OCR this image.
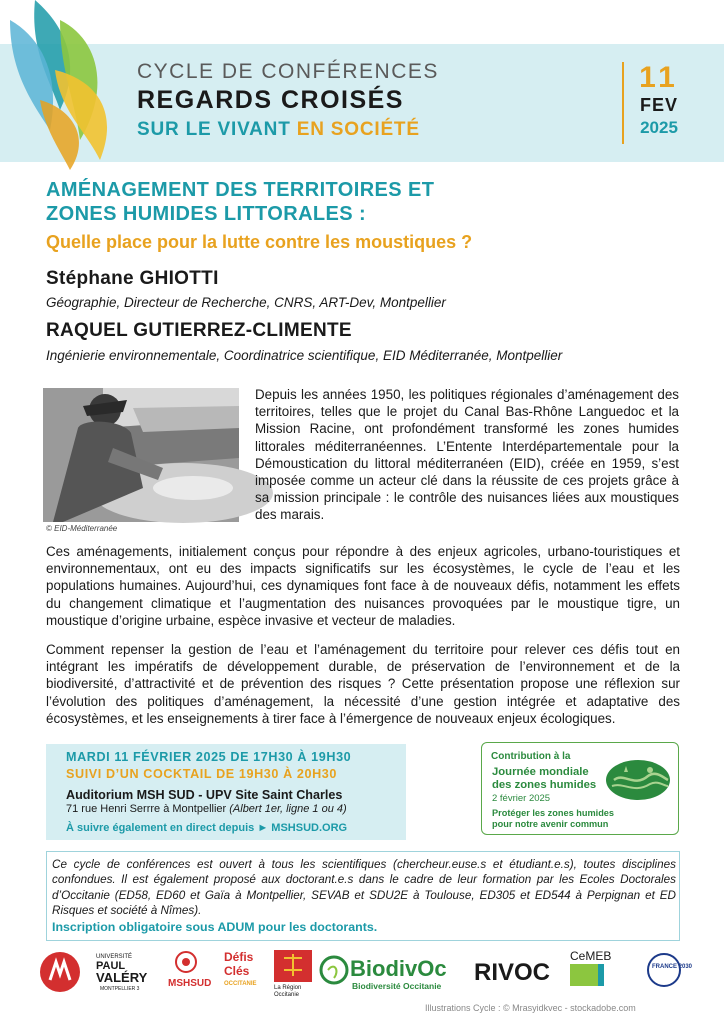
CYCLE DE CONFÉRENCES
REGARDS CROISÉS
SUR LE VIVANT EN SOCIÉTÉ
11
FEV
2025
AMÉNAGEMENT DES TERRITOIRES ET
ZONES HUMIDES LITTORALES :
Quelle place pour la lutte contre les moustiques ?
Stéphane GHIOTTI
Géographie, Directeur de Recherche, CNRS, ART-Dev, Montpellier
RAQUEL GUTIERREZ-CLIMENTE
Ingénierie environnementale, Coordinatrice scientifique, EID Méditerranée, Montpellier
© EID-Méditerranée

Depuis les années 1950, les politiques régionales d’aménagement des territoires, telles que le projet du Canal Bas-Rhône Languedoc et la Mission Racine, ont profondément transformé les zones humides littorales méditerranéennes. L’Entente Interdépartementale pour la Démoustication du littoral méditerranéen (EID), créée en 1959, s’est imposée comme un acteur clé dans la réussite de ces projets grâce à sa mission principale : le contrôle des nuisances liées aux moustiques des marais.

Ces aménagements, initialement conçus pour répondre à des enjeux agricoles, urbano-touristiques et environnementaux, ont eu des impacts significatifs sur les écosystèmes, le cycle de l’eau et les populations humaines. Aujourd’hui, ces dynamiques font face à de nouveaux défis, notamment les effets du changement climatique et l’augmentation des nuisances provoquées par le moustique tigre, un moustique d’origine urbaine, espèce invasive et vecteur de maladies.

Comment repenser la gestion de l’eau et l’aménagement du territoire pour relever ces défis tout en intégrant les impératifs de développement durable, de préservation de l’environnement et de la biodiversité, d’attractivité et de prévention des risques ? Cette présentation propose une réflexion sur l’évolution des politiques d’aménagement, la nécessité d’une gestion intégrée et adaptative des écosystèmes, et les enseignements à tirer face à l’émergence de nouveaux enjeux écologiques.

MARDI 11 FÉVRIER 2025 DE 17H30 À 19H30
SUIVI D’UN COCKTAIL DE 19H30 À 20H30
Auditorium MSH SUD - UPV Site Saint Charles
71 rue Henri Serrre à Montpellier (Albert 1er, ligne 1 ou 4)
À suivre également en direct depuis ► MSHSUD.ORG
Contribution à la
Journée mondiale des zones humides
2 février 2025
Protéger les zones humides pour notre avenir commun

Ce cycle de conférences est ouvert à tous les scientifiques (chercheur.euse.s et étudiant.e.s), toutes disciplines confondues. Il est également proposé aux doctorant.e.s dans le cadre de leur formation par les Ecoles Doctorales d’Occitanie (ED58, ED60 et Gaïa à Montpellier, SEVAB et SDU2E à Toulouse, ED305 et ED544 à Perpignan et ED Risques et société à Nîmes).

Inscription obligatoire sous ADUM pour les doctorants.
UNIVERSITÉ
PAUL
VALÉRY
MONTPELLIER 3	MSHSUD
Défis
Clés
OCCITANIE
La Région
Occitanie
BiodivOc
Biodiversité Occitanie RIVOC
CeMEB
FRANCE 2030
Illustrations Cycle : © Mrasyidkvec - stockadobe.com
